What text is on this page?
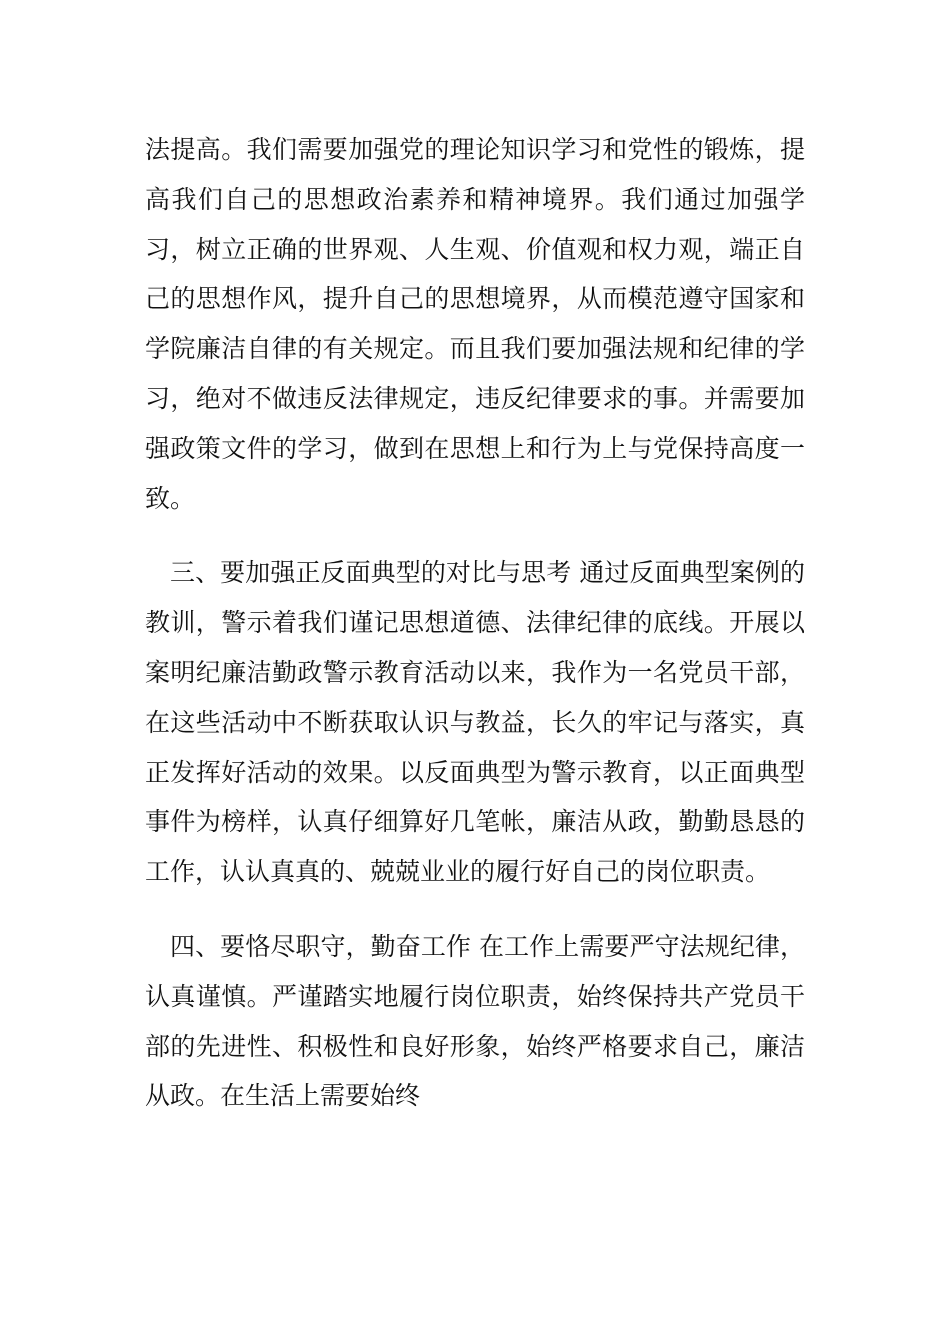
法提高。我们需要加强党的理论知识学习和党性的锻炼，提高我们自己的思想政治素养和精神境界。我们通过加强学习，树立正确的世界观、人生观、价值观和权力观，端正自己的思想作风，提升自己的思想境界，从而模范遵守国家和学院廉洁自律的有关规定。而且我们要加强法规和纪律的学习，绝对不做违反法律规定，违反纪律要求的事。并需要加强政策文件的学习，做到在思想上和行为上与党保持高度一致。

三、要加强正反面典型的对比与思考 通过反面典型案例的教训，警示着我们谨记思想道德、法律纪律的底线。开展以案明纪廉洁勤政警示教育活动以来，我作为一名党员干部，在这些活动中不断获取认识与教益，长久的牢记与落实，真正发挥好活动的效果。以反面典型为警示教育，以正面典型事件为榜样，认真仔细算好几笔帐，廉洁从政，勤勤恳恳的工作，认认真真的、兢兢业业的履行好自己的岗位职责。

四、要恪尽职守，勤奋工作 在工作上需要严守法规纪律，认真谨慎。严谨踏实地履行岗位职责，始终保持共产党员干部的先进性、积极性和良好形象，始终严格要求自己，廉洁从政。在生活上需要始终
